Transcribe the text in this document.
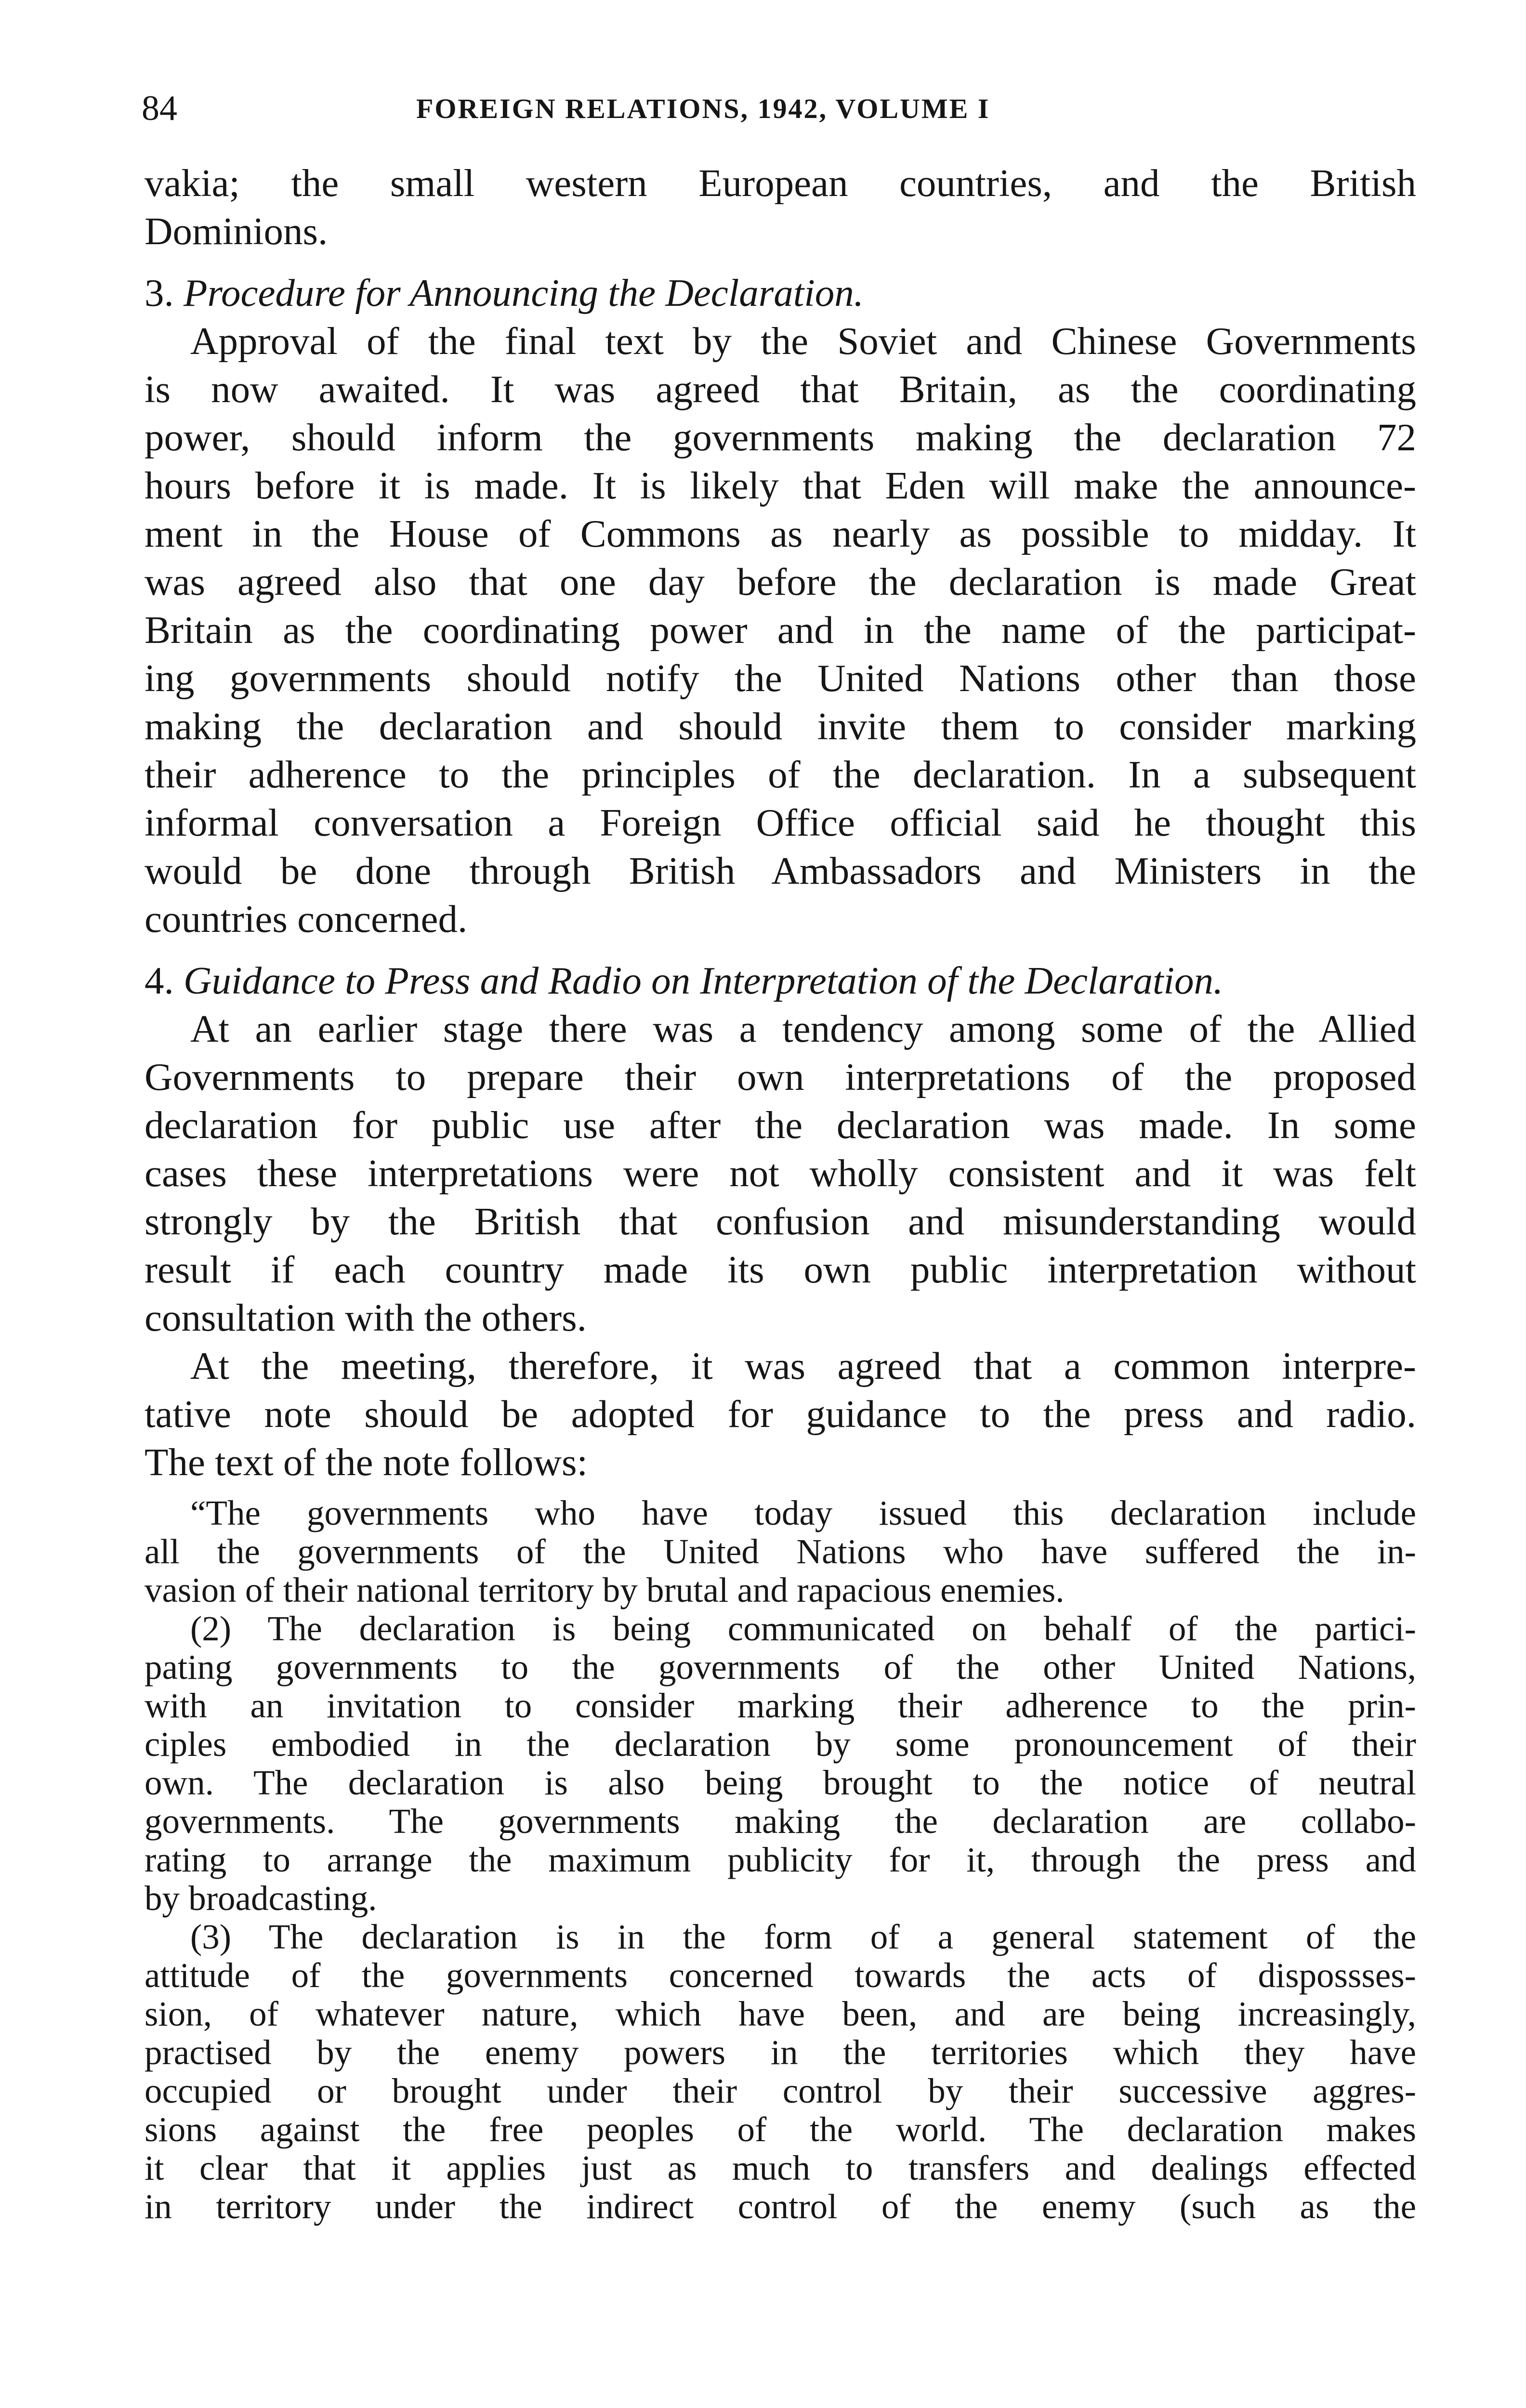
84	FOREIGN RELATIONS, 1942, VOLUME I
vakia; the small western European countries, and the British
Dominions.
3. Procedure for Announcing the Declaration.
Approval of the final text by the Soviet and Chinese Governments
is now awaited. It was agreed that Britain, as the coordinating
power, should inform the governments making the declaration 72
hours before it is made. It is likely that Eden will make the announce-
ment in the House of Commons as nearly as possible to midday. It
was agreed also that one day before the declaration is made Great
Britain as the coordinating power and in the name of the participat-
ing governments should notify the United Nations other than those
making the declaration and should invite them to consider marking
their adherence to the principles of the declaration. In a subsequent
informal conversation a Foreign Office official said he thought this
would be done through British Ambassadors and Ministers in the
countries concerned.
4. Guidance to Press and Radio on Interpretation of the Declaration.
At an earlier stage there was a tendency among some of the Allied
Governments to prepare their own interpretations of the proposed
declaration for public use after the declaration was made. In some
cases these interpretations were not wholly consistent and it was felt
strongly by the British that confusion and misunderstanding would
result if each country made its own public interpretation without
consultation with the others.
At the meeting, therefore, it was agreed that a common interpre-
tative note should be adopted for guidance to the press and radio.
The text of the note follows:
“The governments who have today issued this declaration include
all the governments of the United Nations who have suffered the in-
vasion of their national territory by brutal and rapacious enemies.
(2) The declaration is being communicated on behalf of the partici-
pating governments to the governments of the other United Nations,
with an invitation to consider marking their adherence to the prin-
ciples embodied in the declaration by some pronouncement of their
own. The declaration is also being brought to the notice of neutral
governments. The governments making the declaration are collabo-
rating to arrange the maximum publicity for it, through the press and
by broadcasting.
(3) The declaration is in the form of a general statement of the
attitude of the governments concerned towards the acts of dispossses-
sion, of whatever nature, which have been, and are being increasingly,
practised by the enemy powers in the territories which they have
occupied or brought under their control by their successive aggres-
sions against the free peoples of the world. The declaration makes
it clear that it applies just as much to transfers and dealings effected
in territory under the indirect control of the enemy (such as the
